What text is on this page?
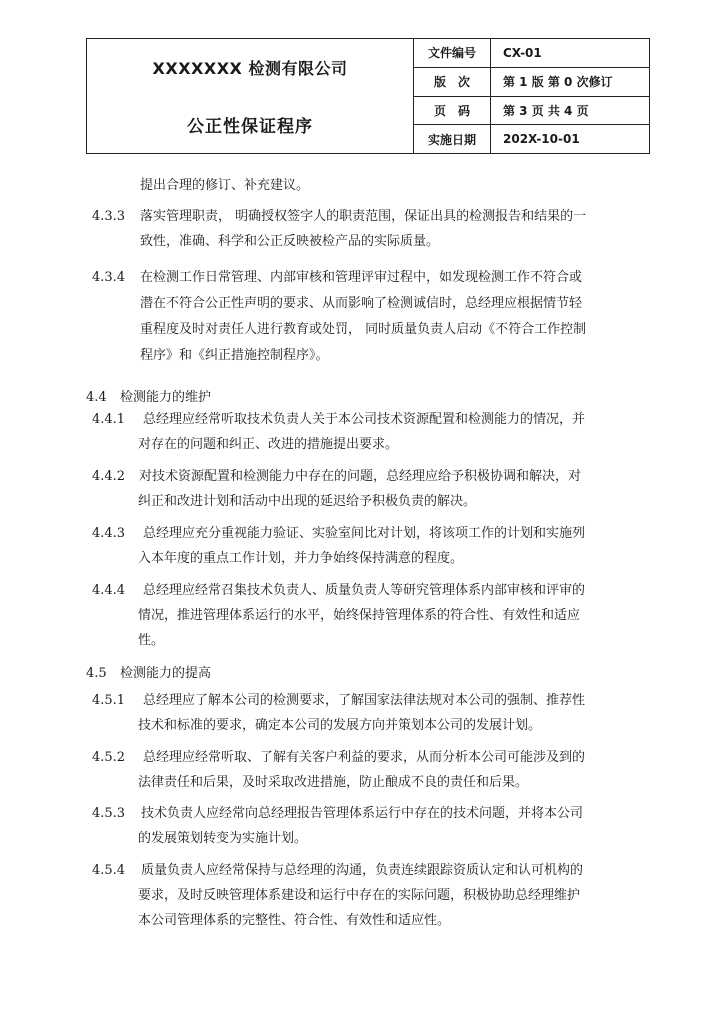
XXXXXXX 检测有限公司
公正性保证程序
文件编号	CX-01
版　次	第 1 版 第 0 次修订
页　码	第 3 页 共 4 页
实施日期	202X-10-01
提出合理的修订、补充建议。
4.3.3 落实管理职责， 明确授权签字人的职责范围，保证出具的检测报告和结果的一
致性，准确、科学和公正反映被检产品的实际质量。
4.3.4 在检测工作日常管理、内部审核和管理评审过程中，如发现检测工作不符合或
潜在不符合公正性声明的要求、从而影响了检测诚信时，总经理应根据情节轻
重程度及时对责任人进行教育或处罚， 同时质量负责人启动《不符合工作控制
程序》和《纠正措施控制程序》。
4.4 检测能力的维护
4.4.1 总经理应经常听取技术负责人关于本公司技术资源配置和检测能力的情况，并
对存在的问题和纠正、改进的措施提出要求。
4.4.2 对技术资源配置和检测能力中存在的问题，总经理应给予积极协调和解决，对
纠正和改进计划和活动中出现的延迟给予积极负责的解决。
4.4.3 总经理应充分重视能力验证、实验室间比对计划，将该项工作的计划和实施列
入本年度的重点工作计划，并力争始终保持满意的程度。
4.4.4 总经理应经常召集技术负责人、质量负责人等研究管理体系内部审核和评审的
情况，推进管理体系运行的水平，始终保持管理体系的符合性、有效性和适应
性。
4.5 检测能力的提高
4.5.1 总经理应了解本公司的检测要求，了解国家法律法规对本公司的强制、推荐性
技术和标准的要求，确定本公司的发展方向并策划本公司的发展计划。
4.5.2 总经理应经常听取、了解有关客户利益的要求，从而分析本公司可能涉及到的
法律责任和后果，及时采取改进措施，防止酿成不良的责任和后果。
4.5.3 技术负责人应经常向总经理报告管理体系运行中存在的技术问题，并将本公司
的发展策划转变为实施计划。
4.5.4 质量负责人应经常保持与总经理的沟通，负责连续跟踪资质认定和认可机构的
要求，及时反映管理体系建设和运行中存在的实际问题，积极协助总经理维护
本公司管理体系的完整性、符合性、有效性和适应性。
